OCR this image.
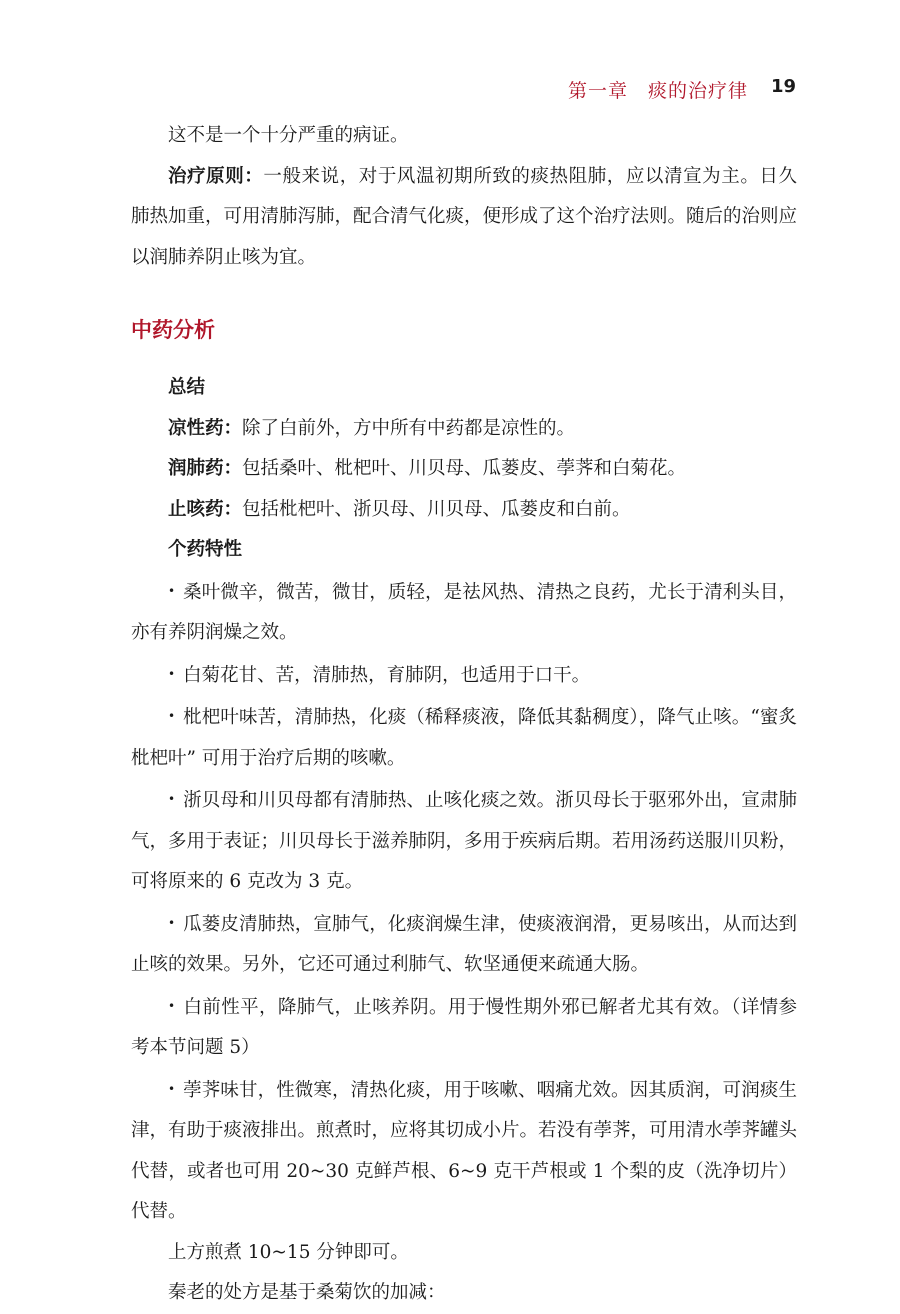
第一章　痰的治疗律 19

这不是一个十分严重的病证。

治疗原则：一般来说，对于风温初期所致的痰热阻肺，应以清宣为主。日久肺热加重，可用清肺泻肺，配合清气化痰，便形成了这个治疗法则。随后的治则应以润肺养阴止咳为宜。

中药分析

总结

凉性药：除了白前外，方中所有中药都是凉性的。

润肺药：包括桑叶、枇杷叶、川贝母、瓜蒌皮、荸荠和白菊花。

止咳药：包括枇杷叶、浙贝母、川贝母、瓜蒌皮和白前。

个药特性

• 桑叶微辛，微苦，微甘，质轻，是祛风热、清热之良药，尤长于清利头目，亦有养阴润燥之效。

• 白菊花甘、苦，清肺热，育肺阴，也适用于口干。

• 枇杷叶味苦，清肺热，化痰（稀释痰液，降低其黏稠度），降气止咳。“蜜炙枇杷叶” 可用于治疗后期的咳嗽。

• 浙贝母和川贝母都有清肺热、止咳化痰之效。浙贝母长于驱邪外出，宣肃肺气，多用于表证；川贝母长于滋养肺阴，多用于疾病后期。若用汤药送服川贝粉，可将原来的 6 克改为 3 克。

• 瓜蒌皮清肺热，宣肺气，化痰润燥生津，使痰液润滑，更易咳出，从而达到止咳的效果。另外，它还可通过利肺气、软坚通便来疏通大肠。

• 白前性平，降肺气，止咳养阴。用于慢性期外邪已解者尤其有效。（详情参考本节问题 5）

• 荸荠味甘，性微寒，清热化痰，用于咳嗽、咽痛尤效。因其质润，可润痰生津，有助于痰液排出。煎煮时，应将其切成小片。若没有荸荠，可用清水荸荠罐头代替，或者也可用 20~30 克鲜芦根、6~9 克干芦根或 1 个梨的皮（洗净切片）代替。

上方煎煮 10~15 分钟即可。

秦老的处方是基于桑菊饮的加减：
